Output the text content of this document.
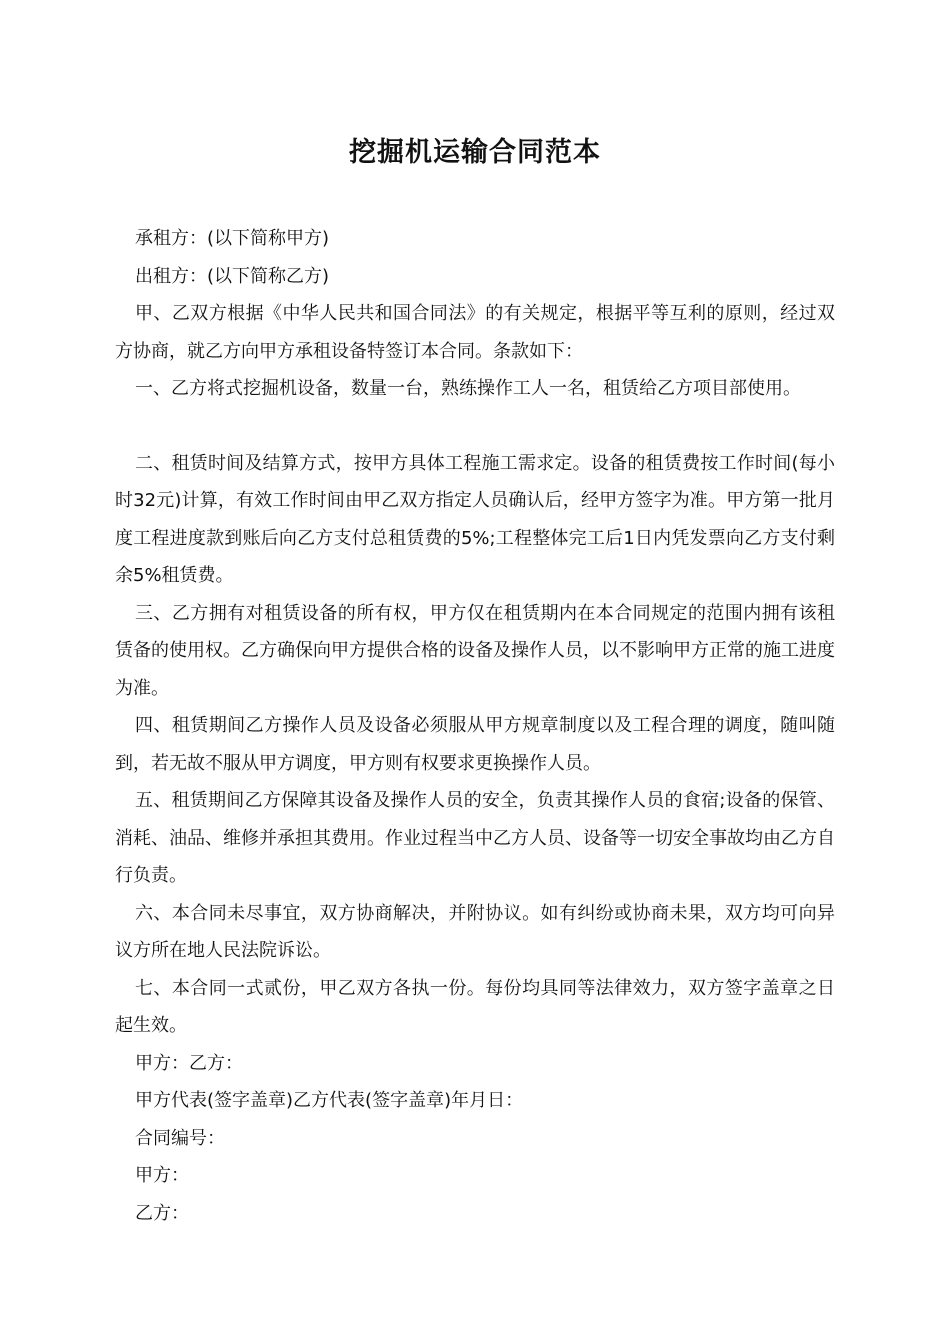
挖掘机运输合同范本

承租方：(以下简称甲方)

出租方：(以下简称乙方)

甲、乙双方根据《中华人民共和国合同法》的有关规定，根据平等互利的原则，经过双方协商，就乙方向甲方承租设备特签订本合同。条款如下：

一、乙方将式挖掘机设备，数量一台，熟练操作工人一名，租赁给乙方项目部使用。

二、租赁时间及结算方式，按甲方具体工程施工需求定。设备的租赁费按工作时间(每小时32元)计算，有效工作时间由甲乙双方指定人员确认后，经甲方签字为准。甲方第一批月度工程进度款到账后向乙方支付总租赁费的5%;工程整体完工后1日内凭发票向乙方支付剩余5%租赁费。

三、乙方拥有对租赁设备的所有权，甲方仅在租赁期内在本合同规定的范围内拥有该租赁备的使用权。乙方确保向甲方提供合格的设备及操作人员，以不影响甲方正常的施工进度为准。

四、租赁期间乙方操作人员及设备必须服从甲方规章制度以及工程合理的调度，随叫随到，若无故不服从甲方调度，甲方则有权要求更换操作人员。

五、租赁期间乙方保障其设备及操作人员的安全，负责其操作人员的食宿;设备的保管、消耗、油品、维修并承担其费用。作业过程当中乙方人员、设备等一切安全事故均由乙方自行负责。

六、本合同未尽事宜，双方协商解决，并附协议。如有纠纷或协商未果，双方均可向异议方所在地人民法院诉讼。

七、本合同一式贰份，甲乙双方各执一份。每份均具同等法律效力，双方签字盖章之日起生效。

甲方：乙方：

甲方代表(签字盖章)乙方代表(签字盖章)年月日：

合同编号：

甲方：

乙方：
